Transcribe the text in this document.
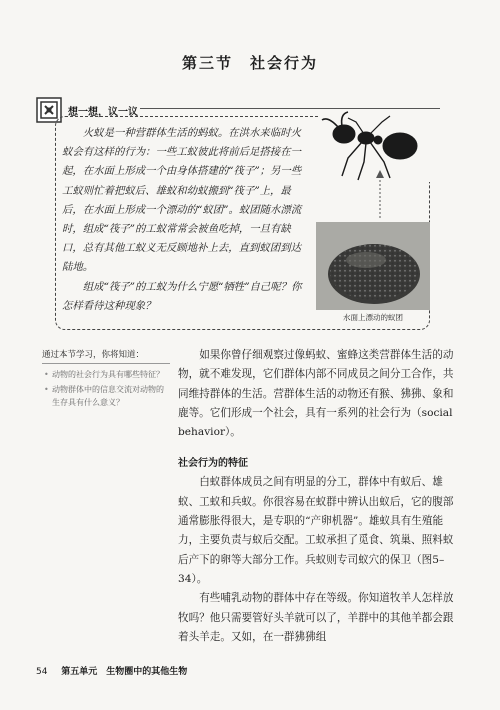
第三节　社会行为
想一想，议一议

火蚁是一种营群体生活的蚂蚁。在洪水来临时火蚁会有这样的行为：一些工蚁彼此将前后足搭接在一起，在水面上形成一个由身体搭建的“筏子”；另一些工蚁则忙着把蚁后、雄蚁和幼蚁搬到“筏子”上，最后，在水面上形成一个漂动的“蚁团”。蚁团随水漂流时，组成“筏子”的工蚁常常会被鱼吃掉，一旦有缺口，总有其他工蚁义无反顾地补上去，直到蚁团到达陆地。

组成“筏子”的工蚁为什么宁愿“牺牲”自己呢？你怎样看待这种现象？

水面上漂动的蚁团
通过本节学习，你将知道：
• 动物的社会行为具有哪些特征？
• 动物群体中的信息交流对动物的生存具有什么意义？

如果你曾仔细观察过像蚂蚁、蜜蜂这类营群体生活的动物，就不难发现，它们群体内部不同成员之间分工合作，共同维持群体的生活。营群体生活的动物还有猴、狒狒、象和鹿等。它们形成一个社会，具有一系列的社会行为（social behavior）。

社会行为的特征

白蚁群体成员之间有明显的分工，群体中有蚁后、雄蚁、工蚁和兵蚁。你很容易在蚁群中辨认出蚁后，它的腹部通常膨胀得很大，是专职的“产卵机器”。雄蚁具有生殖能力，主要负责与蚁后交配。工蚁承担了觅食、筑巢、照料蚁后产下的卵等大部分工作。兵蚁则专司蚁穴的保卫（图5–34）。

有些哺乳动物的群体中存在等级。你知道牧羊人怎样放牧吗？他只需要管好头羊就可以了，羊群中的其他羊都会跟着头羊走。又如，在一群狒狒组

54 第五单元　生物圈中的其他生物
